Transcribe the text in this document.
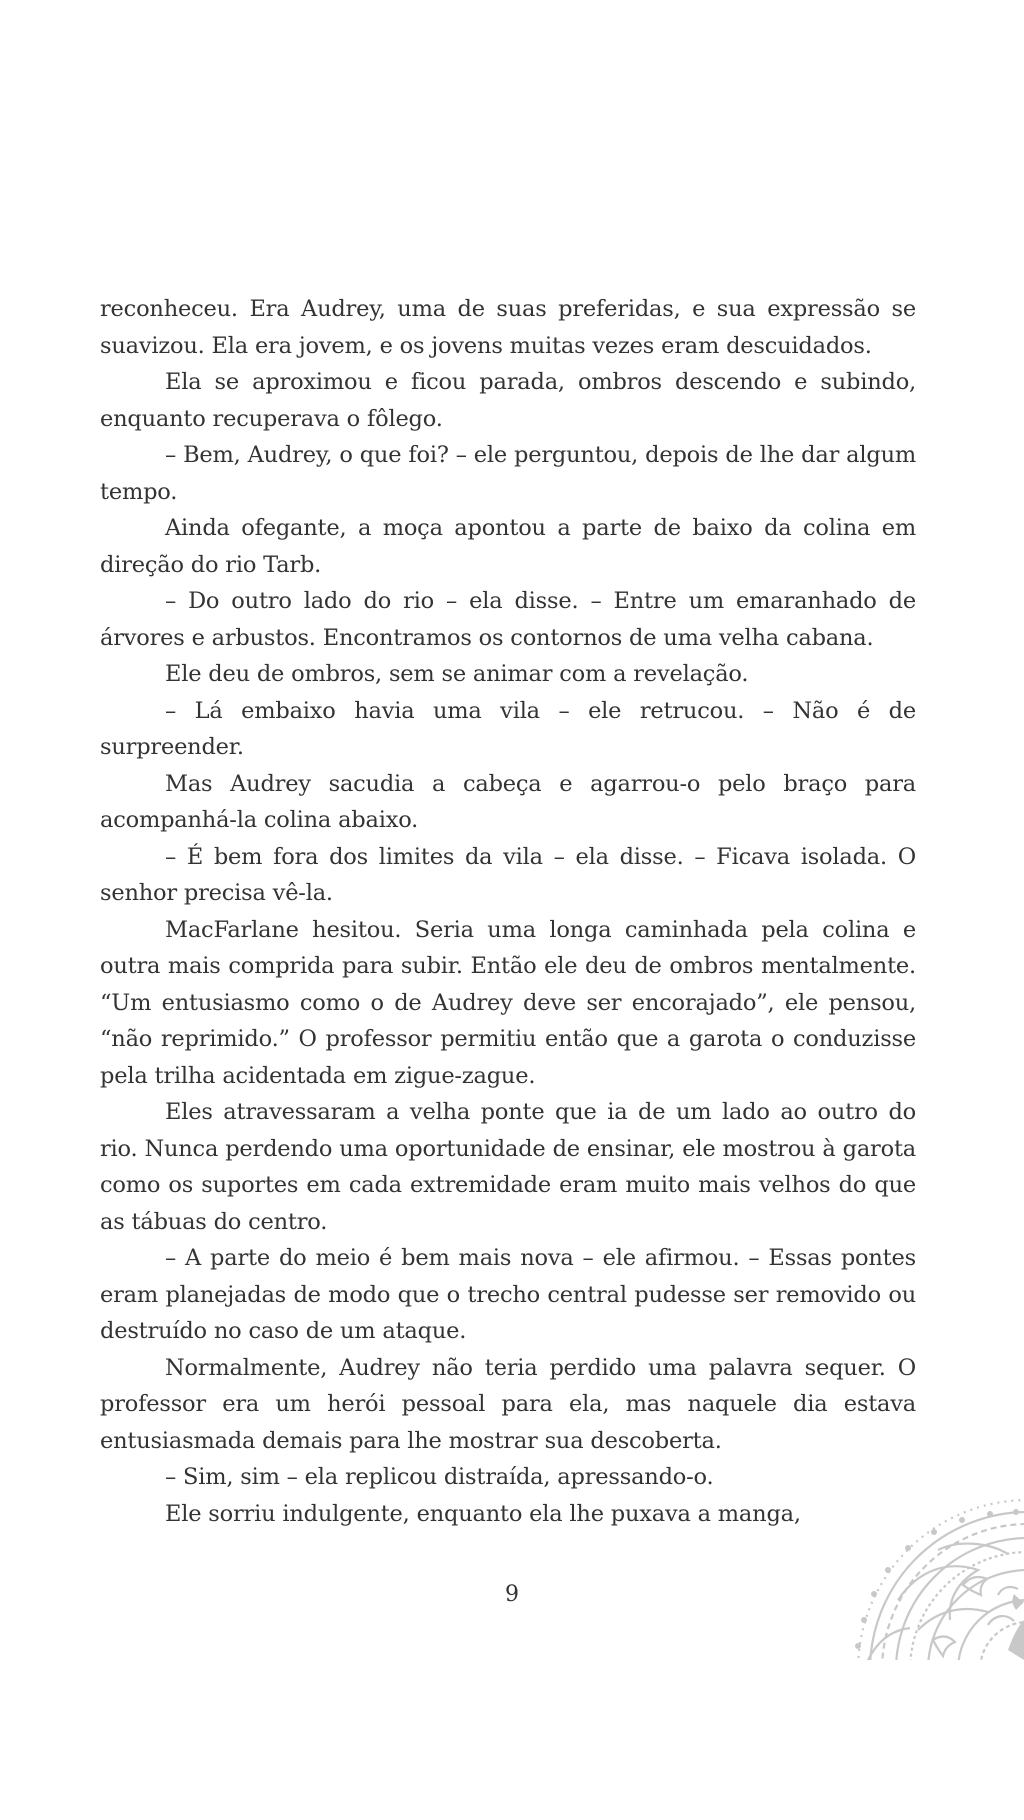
reconheceu. Era Audrey, uma de suas preferidas, e sua expressão se suavizou. Ela era jovem, e os jovens muitas vezes eram descuidados.

Ela se aproximou e ficou parada, ombros descendo e subindo, enquanto recuperava o fôlego.

– Bem, Audrey, o que foi? – ele perguntou, depois de lhe dar algum tempo.

Ainda ofegante, a moça apontou a parte de baixo da colina em direção do rio Tarb.

– Do outro lado do rio – ela disse. – Entre um emaranhado de árvores e arbustos. Encontramos os contornos de uma velha cabana.

Ele deu de ombros, sem se animar com a revelação.

– Lá embaixo havia uma vila – ele retrucou. – Não é de surpreender.

Mas Audrey sacudia a cabeça e agarrou-o pelo braço para acompanhá-la colina abaixo.

– É bem fora dos limites da vila – ela disse. – Ficava isolada. O senhor precisa vê-la.

MacFarlane hesitou. Seria uma longa caminhada pela colina e outra mais comprida para subir. Então ele deu de ombros mentalmente. “Um entusiasmo como o de Audrey deve ser encorajado”, ele pensou, “não reprimido.” O professor permitiu então que a garota o conduzisse pela trilha acidentada em zigue-zague.

Eles atravessaram a velha ponte que ia de um lado ao outro do rio. Nunca perdendo uma oportunidade de ensinar, ele mostrou à garota como os suportes em cada extremidade eram muito mais velhos do que as tábuas do centro.

– A parte do meio é bem mais nova – ele afirmou. – Essas pontes eram planejadas de modo que o trecho central pudesse ser removido ou destruído no caso de um ataque.

Normalmente, Audrey não teria perdido uma palavra sequer. O professor era um herói pessoal para ela, mas naquele dia estava entusiasmada demais para lhe mostrar sua descoberta.

– Sim, sim – ela replicou distraída, apressando-o.

Ele sorriu indulgente, enquanto ela lhe puxava a manga,

9
